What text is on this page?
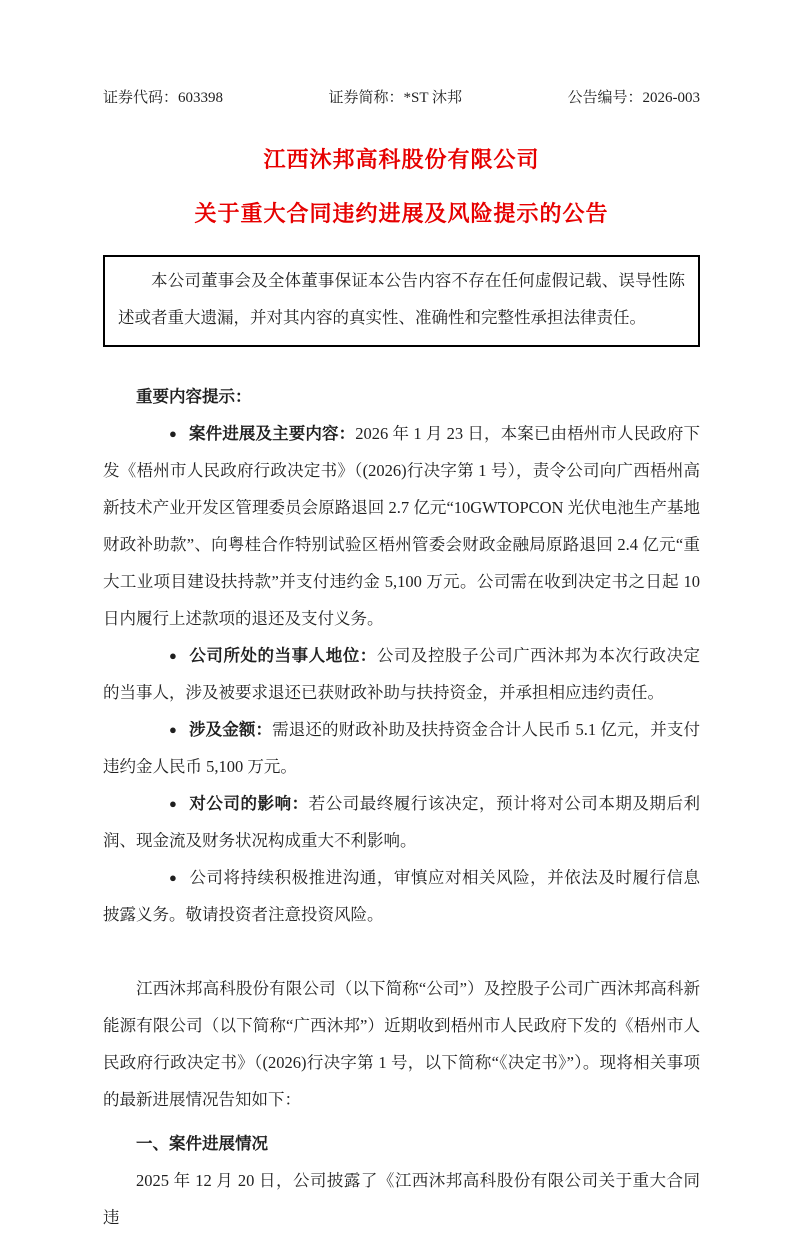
证券代码：603398	证券简称：*ST 沐邦	公告编号：2026-003
江西沐邦高科股份有限公司
关于重大合同违约进展及风险提示的公告

本公司董事会及全体董事保证本公告内容不存在任何虚假记载、误导性陈述或者重大遗漏，并对其内容的真实性、准确性和完整性承担法律责任。

重要内容提示：

● 案件进展及主要内容：2026 年 1 月 23 日，本案已由梧州市人民政府下发《梧州市人民政府行政决定书》（(2026)行决字第 1 号），责令公司向广西梧州高新技术产业开发区管理委员会原路退回 2.7 亿元“10GWTOPCON 光伏电池生产基地财政补助款”、向粤桂合作特别试验区梧州管委会财政金融局原路退回 2.4 亿元“重大工业项目建设扶持款”并支付违约金 5,100 万元。公司需在收到决定书之日起 10 日内履行上述款项的退还及支付义务。

● 公司所处的当事人地位：公司及控股子公司广西沐邦为本次行政决定的当事人，涉及被要求退还已获财政补助与扶持资金，并承担相应违约责任。

● 涉及金额：需退还的财政补助及扶持资金合计人民币 5.1 亿元，并支付违约金人民币 5,100 万元。

● 对公司的影响：若公司最终履行该决定，预计将对公司本期及期后利润、现金流及财务状况构成重大不利影响。

● 公司将持续积极推进沟通，审慎应对相关风险，并依法及时履行信息披露义务。敬请投资者注意投资风险。

江西沐邦高科股份有限公司（以下简称“公司”）及控股子公司广西沐邦高科新能源有限公司（以下简称“广西沐邦”）近期收到梧州市人民政府下发的《梧州市人民政府行政决定书》（(2026)行决字第 1 号，以下简称“《决定书》”）。现将相关事项的最新进展情况告知如下：

一、案件进展情况

2025 年 12 月 20 日，公司披露了《江西沐邦高科股份有限公司关于重大合同违
